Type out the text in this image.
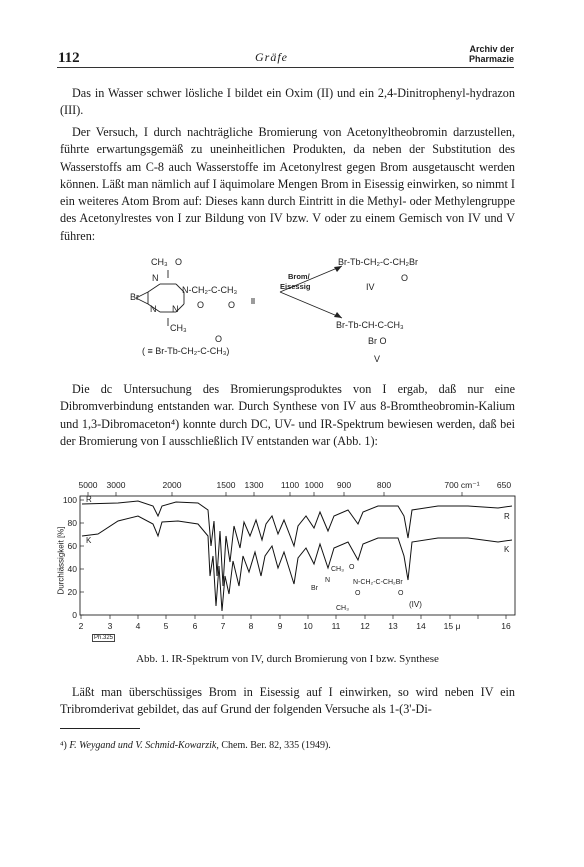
112	Gräfe
Archiv der
Pharmazie
Das in Wasser schwer lösliche I bildet ein Oxim (II) und ein 2,4-Dinitrophenyl-hydrazon (III).
Der Versuch, I durch nachträgliche Bromierung von Acetonyltheobromin darzustellen, führte erwartungsgemäß zu uneinheitlichen Produkten, da neben der Substitution des Wasserstoffs am C-8 auch Wasserstoffe im Acetonylrest gegen Brom ausgetauscht werden können. Läßt man nämlich auf I äquimolare Mengen Brom in Eisessig einwirken, so nimmt I ein weiteres Atom Brom auf: Dieses kann durch Eintritt in die Methyl- oder Methylengruppe des Acetonylrestes von I zur Bildung von IV bzw. V oder zu einem Gemisch von IV und V führen:
CH₃ O
N
N-CH₂-C-CH₃
Br
N N O	O
CH₃
Brom/
Eisessig
Br-Tb-CH₂-C-CH₂Br
O
IV
Br-Tb-CH-C-CH₃
Br O
V
O
( ≡ Br-Tb-CH₂-C-CH₃)
Die dc Untersuchung des Bromierungsproduktes von I ergab, daß nur eine Dibromverbindung entstanden war. Durch Synthese von IV aus 8-Bromtheobromin-Kalium und 1,3-Dibromaceton⁴) konnte durch DC, UV- und IR-Spektrum bewiesen werden, daß bei der Bromierung von I ausschließlich IV entstanden war (Abb. 1):
5000 3000	2000	1500 1300 1100 1000 900	800	700 cm⁻¹ 650
100
80
60
40
20
0
Durchlässigkeit [%]
2	3	4	5	6	7	8	9 10 11 12 13 14 15 μ	16
R
K
R
K
CH₃ O
N	N-CH₂-C-CH₂Br
Br
O	O
CH₃	(IV)
Ph.325
Abb. 1. IR-Spektrum von IV, durch Bromierung von I bzw. Synthese
Läßt man überschüssiges Brom in Eisessig auf I einwirken, so wird neben IV ein Tribromderivat gebildet, das auf Grund der folgenden Versuche als 1-(3'-Di-
⁴) F. Weygand und V. Schmid-Kowarzik, Chem. Ber. 82, 335 (1949).
